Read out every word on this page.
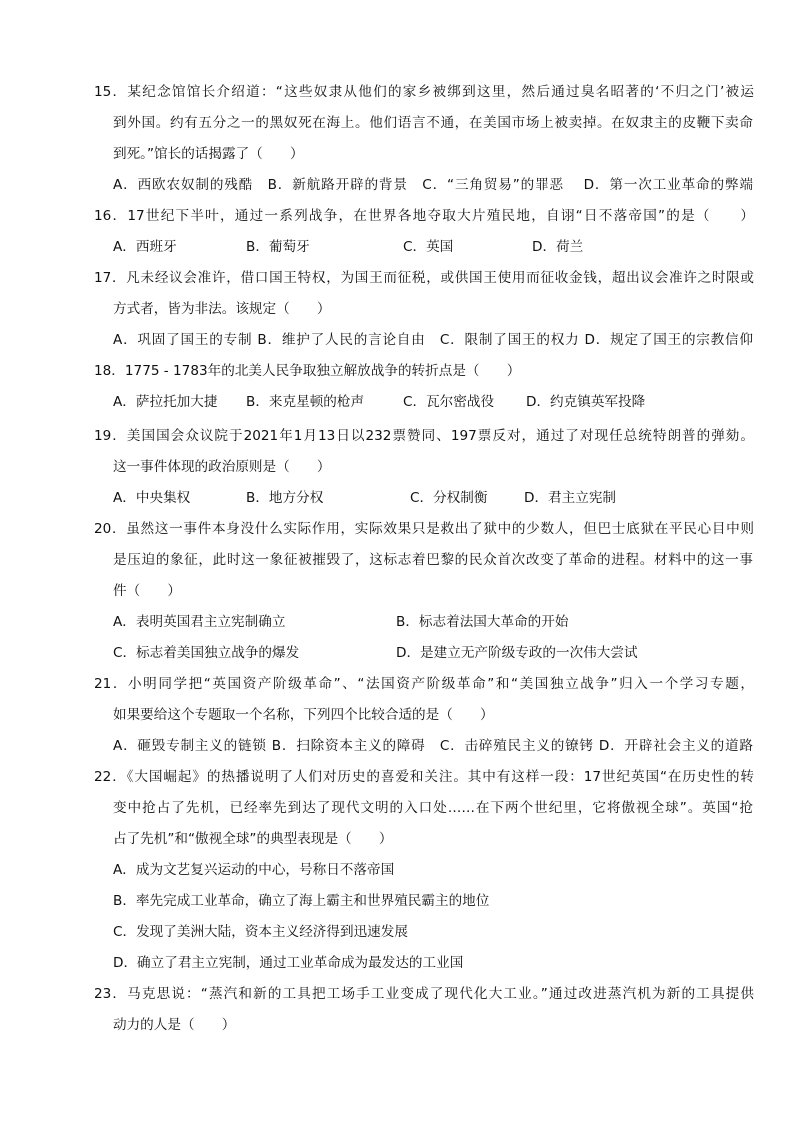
15．某纪念馆馆长介绍道：“这些奴隶从他们的家乡被绑到这里，然后通过臭名昭著的‘不归之门’被运
到外国。约有五分之一的黑奴死在海上。他们语言不通，在美国市场上被卖掉。在奴隶主的皮鞭下卖命
到死。”馆长的话揭露了（　　）
A．西欧农奴制的残酷　B．新航路开辟的背景　C．“三角贸易”的罪恶　 D．第一次工业革命的弊端
16．17世纪下半叶，通过一系列战争，在世界各地夺取大片殖民地，自诩“日不落帝国”的是（　　）
A．西班牙	B．葡萄牙	C．英国	D．荷兰
17．凡未经议会准许，借口国王特权，为国王而征税，或供国王使用而征收金钱，超出议会准许之时限或
方式者，皆为非法。该规定（　　）
A．巩固了国王的专制 B．维护了人民的言论自由　C．限制了国王的权力 D．规定了国王的宗教信仰
18．1775 - 1783年的北美人民争取独立解放战争的转折点是（　　）
A．萨拉托加大捷 B．来克星顿的枪声	C．瓦尔密战役 D．约克镇英军投降
19．美国国会众议院于2021年1月13日以232票赞同、197票反对，通过了对现任总统特朗普的弹劾。
这一事件体现的政治原则是（　　）
A．中央集权	B．地方分权	C．分权制衡	D．君主立宪制
20．虽然这一事件本身没什么实际作用，实际效果只是救出了狱中的少数人，但巴士底狱在平民心目中则
是压迫的象征，此时这一象征被摧毁了，这标志着巴黎的民众首次改变了革命的进程。材料中的这一事
件（　　）
A．表明英国君主立宪制确立	B．标志着法国大革命的开始
C．标志着美国独立战争的爆发	D．是建立无产阶级专政的一次伟大尝试
21．小明同学把“英国资产阶级革命”、“法国资产阶级革命”和“美国独立战争”归入一个学习专题，
如果要给这个专题取一个名称，下列四个比较合适的是（　　）
A．砸毁专制主义的链锁 B．扫除资本主义的障碍　C．击碎殖民主义的镣铐 D．开辟社会主义的道路
22．《大国崛起》的热播说明了人们对历史的喜爱和关注。其中有这样一段：17世纪英国“在历史性的转
变中抢占了先机，已经率先到达了现代文明的入口处……在下两个世纪里，它将傲视全球”。英国“抢
占了先机”和“傲视全球”的典型表现是（　　）
A．成为文艺复兴运动的中心，号称日不落帝国
B．率先完成工业革命，确立了海上霸主和世界殖民霸主的地位
C．发现了美洲大陆，资本主义经济得到迅速发展
D．确立了君主立宪制，通过工业革命成为最发达的工业国
23．马克思说：“蒸汽和新的工具把工场手工业变成了现代化大工业。”通过改进蒸汽机为新的工具提供
动力的人是（　　）
